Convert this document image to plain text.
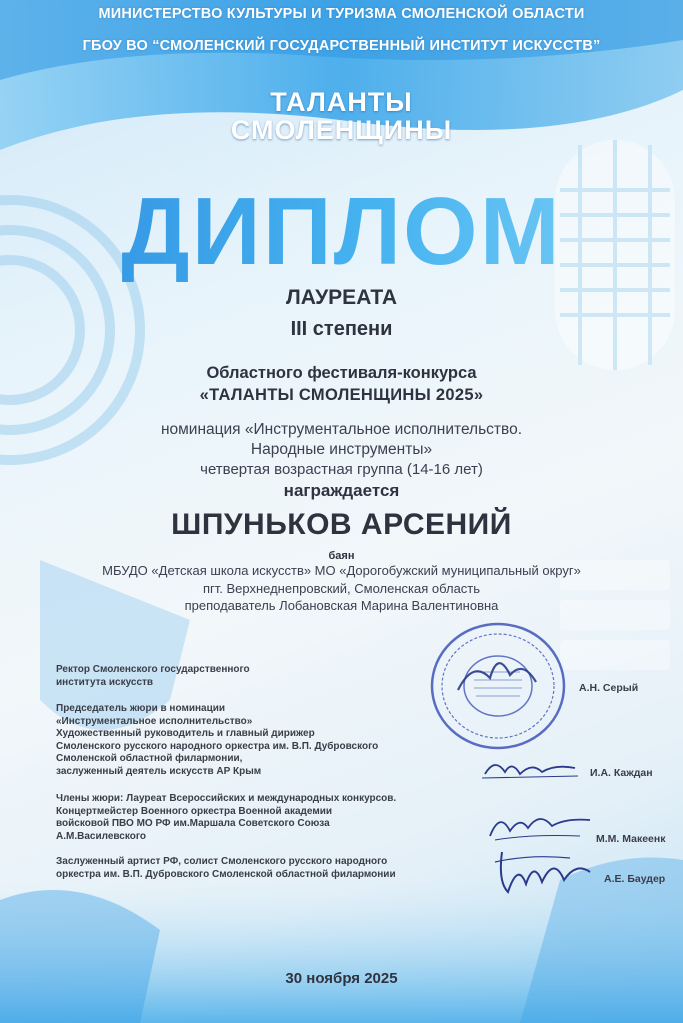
МИНИСТЕРСТВО КУЛЬТУРЫ И ТУРИЗМА СМОЛЕНСКОЙ ОБЛАСТИ
ГБОУ ВО “СМОЛЕНСКИЙ ГОСУДАРСТВЕННЫЙ ИНСТИТУТ ИСКУССТВ”
ТАЛАНТЫ
СМОЛЕНЩИНЫ
ДИПЛОМ
ЛАУРЕАТА
III степени
Областного фестиваля-конкурса
«ТАЛАНТЫ СМОЛЕНЩИНЫ 2025»
номинация «Инструментальное исполнительство.
Народные инструменты»
четвертая возрастная группа (14-16 лет)
награждается
ШПУНЬКОВ АРСЕНИЙ
баян
МБУДО «Детская школа искусств» МО «Дорогобужский муниципальный округ»
пгт. Верхнеднепровский, Смоленская область
преподаватель Лобановская Марина Валентиновна
Ректор Смоленского государственного
института искусств	А.Н. Серый
Председатель жюри в номинации
«Инструментальное исполнительство»
Художественный руководитель и главный дирижер
Смоленского русского народного оркестра им. В.П. Дубровского
Смоленской областной филармонии,
заслуженный деятель искусств АР Крым	И.А. Каждан
Члены жюри: Лауреат Всероссийских и международных конкурсов.
Концертмейстер Военного оркестра Военной академии
войсковой ПВО МО РФ им.Маршала Советского Союза
А.М.Василевского	М.М. Макеенк
Заслуженный артист РФ, солист Смоленского русского народного
оркестра им. В.П. Дубровского Смоленской областной филармонии	А.Е. Баудер
30 ноября 2025
